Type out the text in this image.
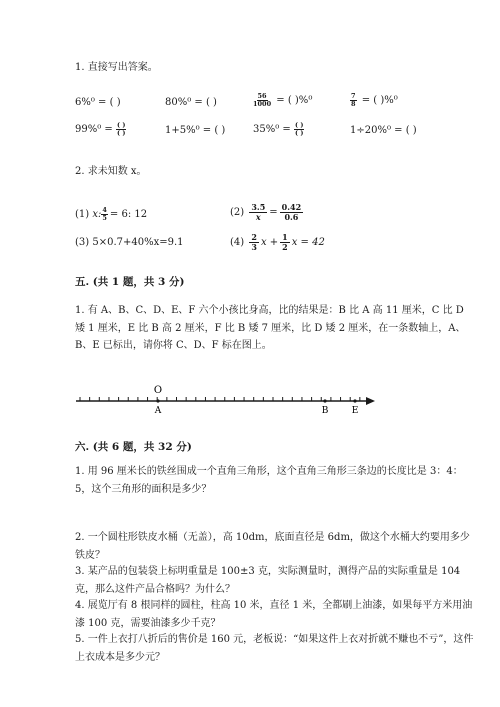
1. 直接写出答案。
6%⁰ = ( )	80%⁰ = ( )	$\frac{56}{1000}$ = ( )%⁰	$\frac{7}{8}$ = ( )%⁰
$99\%^0 = \frac{( )}{( )}$	1+5%⁰ = ( )	$35\%^0 = \frac{( )}{( )}$	1÷20%⁰ = ( )
2. 求未知数 x。
(1) x: $\frac{4}{5} = 6$: 12	$(2) \frac{3.5}{x} = \frac{0.42}{0.6}$
(3) 5×0.7+40%x=9.1	$(4) \frac{2}{3}$ $x + \frac{1}{2}$ x = 42
五. (共 1 题，共 3 分)
1. 有 A、B、C、D、E、F 六个小孩比身高，比的结果是：B 比 A 高 11 厘米，C 比 D 矮 1 厘米，E 比 B 高 2 厘米，F 比 B 矮 7 厘米，比 D 矮 2 厘米，在一条数轴上，A、B、E 已标出，请你将 C、D、F 标在图上。
O
A	B	E
六. (共 6 题，共 32 分)
1. 用 96 厘米长的铁丝围成一个直角三角形，这个直角三角形三条边的长度比是 3：4：5，这个三角形的面积是多少？
2. 一个圆柱形铁皮水桶（无盖），高 10dm，底面直径是 6dm，做这个水桶大约要用多少铁皮？
3. 某产品的包装袋上标明重量是 100±3 克，实际测量时，测得产品的实际重量是 104 克，那么这件产品合格吗？为什么？
4. 展览厅有 8 根同样的圆柱，柱高 10 米，直径 1 米，全都刷上油漆，如果每平方米用油漆 100 克，需要油漆多少千克？
5. 一件上衣打八折后的售价是 160 元，老板说：“如果这件上衣对折就不赚也不亏”，这件上衣成本是多少元？
